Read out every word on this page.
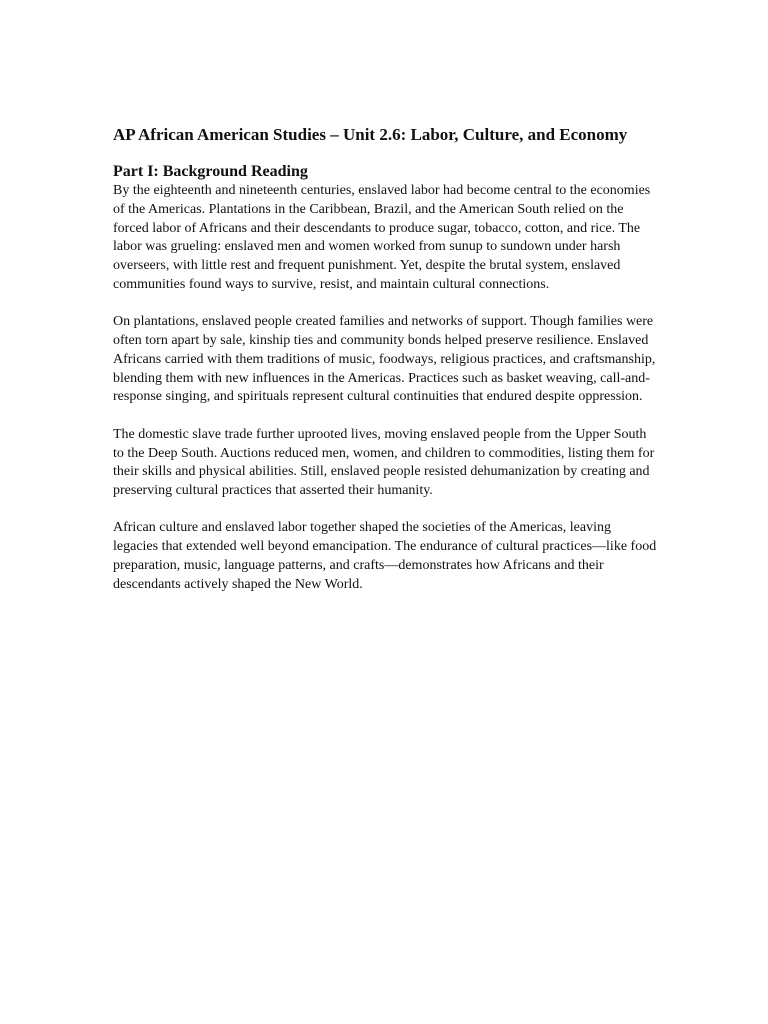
AP African American Studies – Unit 2.6: Labor, Culture, and Economy
Part I: Background Reading

By the eighteenth and nineteenth centuries, enslaved labor had become central to the economies of the Americas. Plantations in the Caribbean, Brazil, and the American South relied on the forced labor of Africans and their descendants to produce sugar, tobacco, cotton, and rice. The labor was grueling: enslaved men and women worked from sunup to sundown under harsh overseers, with little rest and frequent punishment. Yet, despite the brutal system, enslaved communities found ways to survive, resist, and maintain cultural connections.

On plantations, enslaved people created families and networks of support. Though families were often torn apart by sale, kinship ties and community bonds helped preserve resilience. Enslaved Africans carried with them traditions of music, foodways, religious practices, and craftsmanship, blending them with new influences in the Americas. Practices such as basket weaving, call-and-response singing, and spirituals represent cultural continuities that endured despite oppression.

The domestic slave trade further uprooted lives, moving enslaved people from the Upper South to the Deep South. Auctions reduced men, women, and children to commodities, listing them for their skills and physical abilities. Still, enslaved people resisted dehumanization by creating and preserving cultural practices that asserted their humanity.

African culture and enslaved labor together shaped the societies of the Americas, leaving legacies that extended well beyond emancipation. The endurance of cultural practices—like food preparation, music, language patterns, and crafts—demonstrates how Africans and their descendants actively shaped the New World.
